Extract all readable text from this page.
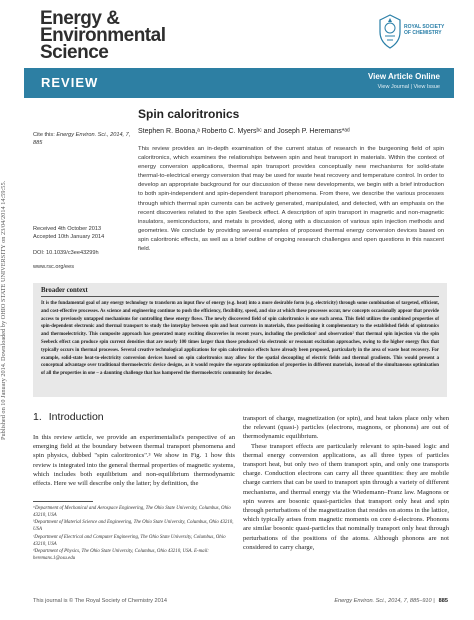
Published on 10 January 2014. Downloaded by OHIO STATE UNIVERSITY on 23/04/2014 14:59:55.
Energy &
Environmental
Science
ROYAL SOCIETY OF CHEMISTRY
REVIEW	View Article Online
View Journal | View Issue
Cite this: Energy Environ. Sci., 2014, 7, 885
Spin caloritronics
Stephen R. Boona,ᵃ Roberto C. Myersᵇᶜ and Joseph P. Heremans*ᵃᵈ
This review provides an in-depth examination of the current status of research in the burgeoning field of spin caloritronics, which examines the relationships between spin and heat transport in materials. Within the context of energy conversion applications, thermal spin transport provides conceptually new mechanisms for solid-state thermal-to-electrical energy conversion that may be used for waste heat recovery and temperature control. In order to develop an appropriate background for our discussion of these new developments, we begin with a brief introduction to both spin-independent and spin-dependent transport phenomena. From there, we describe the various processes through which thermal spin currents can be actively generated, manipulated, and detected, with an emphasis on the recent discoveries related to the spin Seebeck effect. A description of spin transport in magnetic and non-magnetic insulators, semiconductors, and metals is provided, along with a discussion of various spin injection methods and geometries. We conclude by providing several examples of proposed thermal energy conversion devices based on spin caloritronic effects, as well as a brief outline of ongoing research challenges and open questions in this nascent field.
Received 4th October 2013
Accepted 10th January 2014
DOI: 10.1039/c3ee43299h
www.rsc.org/ees
Broader context
It is the fundamental goal of any energy technology to transform an input flow of energy (e.g. heat) into a more desirable form (e.g. electricity) through some combination of targeted, efficient, and cost-effective processes. As science and engineering continue to push the efficiency, flexibility, speed, and size at which these processes occur, new concepts occasionally appear that provide access to previously untapped mechanisms for controlling these energy flows. The newly discovered field of spin caloritronics is one such arena. This field utilizes the combined properties of spin-dependent electronic and thermal transport to study the interplay between spin and heat currents in materials, thus positioning it complementary to the established fields of spintronics and thermoelectricity. This composite approach has generated many exciting discoveries in recent years, including the prediction¹ and observation² that thermal spin injection via the spin Seebeck effect can produce spin current densities that are nearly 100 times larger than those produced via electronic or resonant excitation approaches, owing to the higher energy flux that typically occurs in thermal processes. Several creative technological applications for spin caloritronics effects have already been proposed, particularly in the area of waste heat recovery. For example, solid-state heat-to-electricity conversion devices based on spin caloritronics may allow for the spatial decoupling of electric fields and thermal gradients. This would present a conceptual advantage over traditional thermoelectric device designs, as it would require the separate optimization of properties in different materials, instead of the simultaneous optimization of all the properties in one – a daunting challenge that has hampered the thermoelectric community for decades.
1. Introduction
In this review article, we provide an experimentalist's perspective of an emerging field at the boundary between thermal transport phenomena and spin physics, dubbed "spin caloritronics".³ We show in Fig. 1 how this review is integrated into the general thermal properties of magnetic systems, which includes both equilibrium and non-equilibrium thermodynamic effects. Here we will describe only the latter; by definition, the

ᵃDepartment of Mechanical and Aerospace Engineering, The Ohio State University, Columbus, Ohio 43210, USA

ᵇDepartment of Material Science and Engineering, The Ohio State University, Columbus, Ohio 43210, USA

ᶜDepartment of Electrical and Computer Engineering, The Ohio State University, Columbus, Ohio 43210, USA

ᵈDepartment of Physics, The Ohio State University, Columbus, Ohio 43210, USA. E-mail: heremans.1@osu.edu

transport of charge, magnetization (or spin), and heat takes place only when the relevant (quasi-) particles (electrons, magnons, or phonons) are out of thermodynamic equilibrium.

These transport effects are particularly relevant to spin-based logic and thermal energy conversion applications, as all three types of particles transport heat, but only two of them transport spin, and only one transports charge. Conduction electrons can carry all three quantities: they are mobile charge carriers that can be used to transport spin through a variety of different mechanisms, and thermal energy via the Wiedemann–Franz law. Magnons or spin waves are bosonic quasi-particles that transport only heat and spin through perturbations of the magnetization that resides on atoms in the lattice, which typically arises from magnetic moments on core d-electrons. Phonons are similar bosonic quasi-particles that nominally transport only heat through perturbations of the positions of the atoms. Although phonons are not considered to carry charge,

This journal is © The Royal Society of Chemistry 2014	Energy Environ. Sci., 2014, 7, 885–910 | 885
